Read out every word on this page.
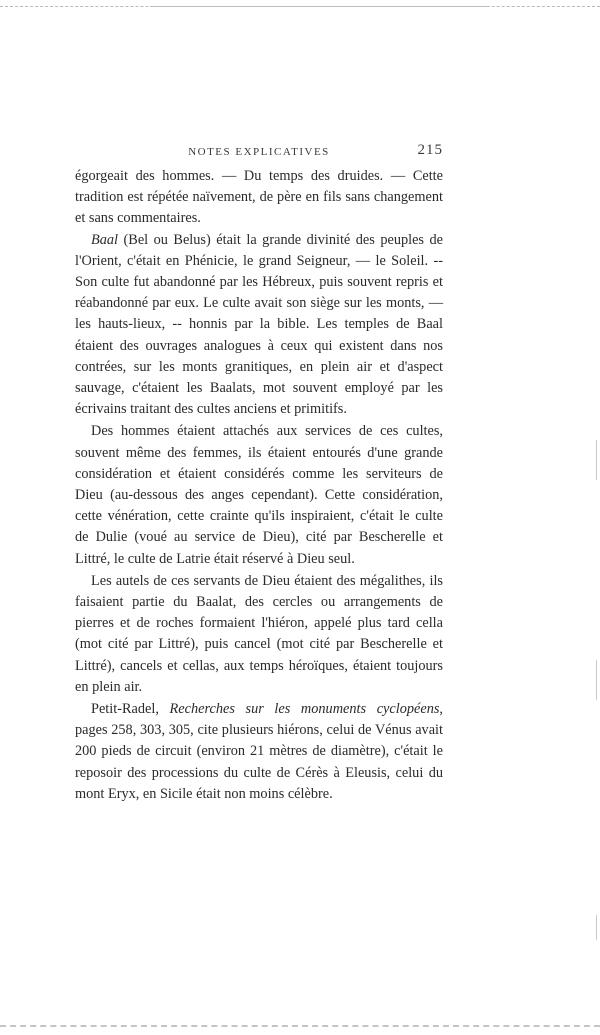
NOTES EXPLICATIVES	215

égorgeait des hommes. — Du temps des druides. — Cette tradition est répétée naïvement, de père en fils sans changement et sans commentaires.

Baal (Bel ou Belus) était la grande divinité des peuples de l'Orient, c'était en Phénicie, le grand Seigneur, — le Soleil. -- Son culte fut abandonné par les Hébreux, puis souvent repris et réabandonné par eux. Le culte avait son siège sur les monts, — les hauts-lieux, -- honnis par la bible. Les temples de Baal étaient des ouvrages analogues à ceux qui existent dans nos contrées, sur les monts granitiques, en plein air et d'aspect sauvage, c'étaient les Baalats, mot souvent employé par les écrivains traitant des cultes anciens et primitifs.

Des hommes étaient attachés aux services de ces cultes, souvent même des femmes, ils étaient entourés d'une grande considération et étaient considérés comme les serviteurs de Dieu (au-dessous des anges cependant). Cette considération, cette vénération, cette crainte qu'ils inspiraient, c'était le culte de Dulie (voué au service de Dieu), cité par Bescherelle et Littré, le culte de Latrie était réservé à Dieu seul.

Les autels de ces servants de Dieu étaient des mégalithes, ils faisaient partie du Baalat, des cercles ou arrangements de pierres et de roches formaient l'hiéron, appelé plus tard cella (mot cité par Littré), puis cancel (mot cité par Bescherelle et Littré), cancels et cellas, aux temps héroïques, étaient toujours en plein air.

Petit-Radel, Recherches sur les monuments cyclopéens, pages 258, 303, 305, cite plusieurs hiérons, celui de Vénus avait 200 pieds de circuit (environ 21 mètres de diamètre), c'était le reposoir des processions du culte de Cérès à Eleusis, celui du mont Eryx, en Sicile était non moins célèbre.
